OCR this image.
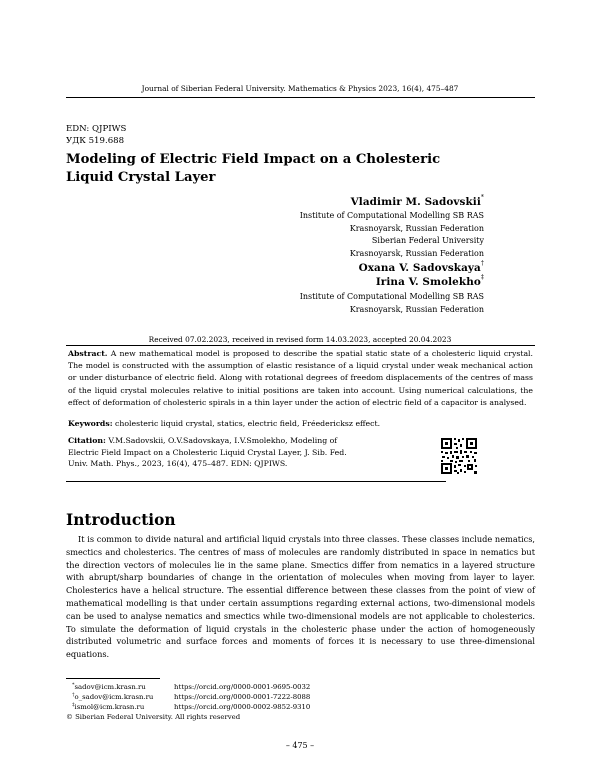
Journal of Siberian Federal University. Mathematics & Physics 2023, 16(4), 475–487
EDN: QJPIWS
УДК 519.688
Modeling of Electric Field Impact on a Cholesteric Liquid Crystal Layer
Vladimir M. Sadovskii*
Institute of Computational Modelling SB RAS
Krasnoyarsk, Russian Federation
Siberian Federal University
Krasnoyarsk, Russian Federation
Oxana V. Sadovskaya†
Irina V. Smolekho‡
Institute of Computational Modelling SB RAS
Krasnoyarsk, Russian Federation
Received 07.02.2023, received in revised form 14.03.2023, accepted 20.04.2023
Abstract. A new mathematical model is proposed to describe the spatial static state of a cholesteric liquid crystal. The model is constructed with the assumption of elastic resistance of a liquid crystal under weak mechanical action or under disturbance of electric field. Along with rotational degrees of freedom displacements of the centres of mass of the liquid crystal molecules relative to initial positions are taken into account. Using numerical calculations, the effect of deformation of cholesteric spirals in a thin layer under the action of electric field of a capacitor is analysed.
Keywords: cholesteric liquid crystal, statics, electric field, Fréedericksz effect.
Citation: V.M.Sadovskii, O.V.Sadovskaya, I.V.Smolekho, Modeling of Electric Field Impact on a Cholesteric Liquid Crystal Layer, J. Sib. Fed. Univ. Math. Phys., 2023, 16(4), 475–487. EDN: QJPIWS.
Introduction

It is common to divide natural and artificial liquid crystals into three classes. These classes include nematics, smectics and cholesterics. The centres of mass of molecules are randomly distributed in space in nematics but the direction vectors of molecules lie in the same plane. Smectics differ from nematics in a layered structure with abrupt/sharp boundaries of change in the orientation of molecules when moving from layer to layer. Cholesterics have a helical structure. The essential difference between these classes from the point of view of mathematical modelling is that under certain assumptions regarding external actions, two-dimensional models can be used to analyse nematics and smectics while two-dimensional models are not applicable to cholesterics. To simulate the deformation of liquid crystals in the cholesteric phase under the action of homogeneously distributed volumetric and surface forces and moments of forces it is necessary to use three-dimensional equations.

*sadov@icm.krasn.ru	https://orcid.org/0000-0001-9695-0032
†o_sadov@icm.krasn.ru	https://orcid.org/0000-0001-7222-8088
‡ismol@icm.krasn.ru	https://orcid.org/0000-0002-9852-9310
© Siberian Federal University. All rights reserved
– 475 –
